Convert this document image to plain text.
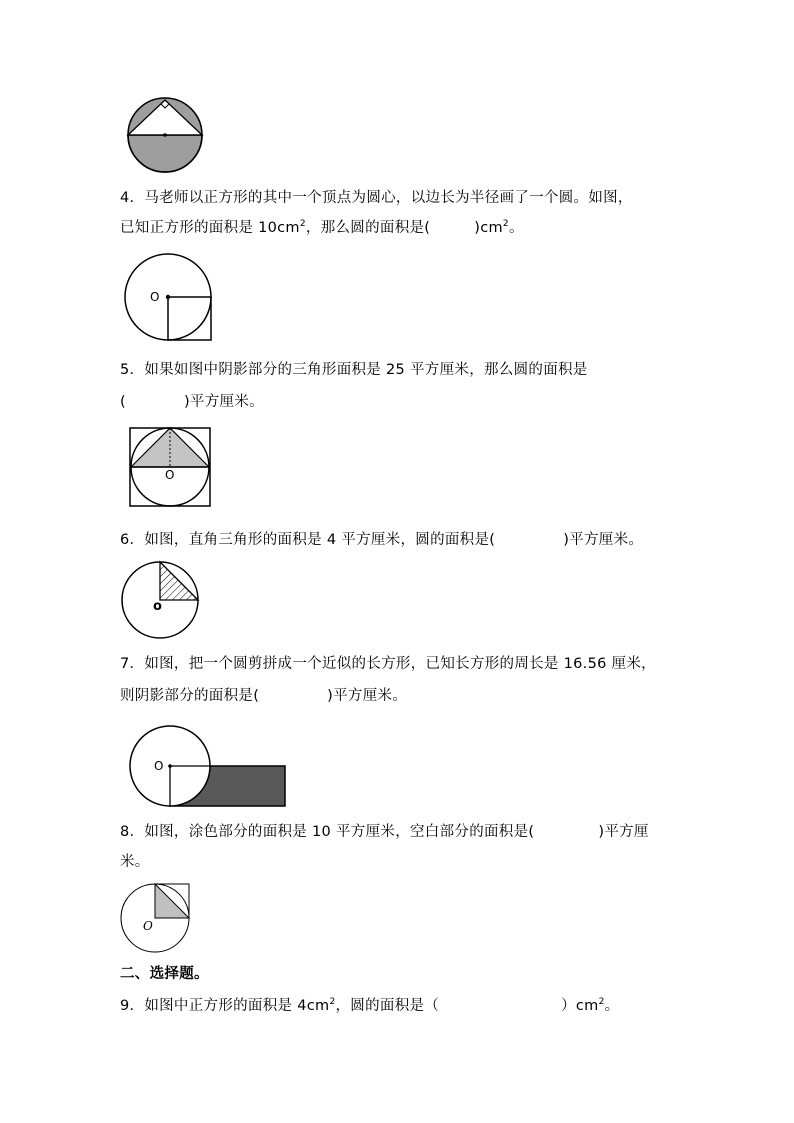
4．马老师以正方形的其中一个顶点为圆心，以边长为半径画了一个圆。如图，
已知正方形的面积是 $10cm^2$，那么圆的面积是(	)$cm^2$。
O
5．如果如图中阴影部分的三角形面积是 25 平方厘米，那么圆的面积是
(	)平方厘米。
O
6．如图，直角三角形的面积是 4 平方厘米，圆的面积是(	)平方厘米。
o
7．如图，把一个圆剪拼成一个近似的长方形，已知长方形的周长是 16.56 厘米，
则阴影部分的面积是(	)平方厘米。
O
8．如图，涂色部分的面积是 10 平方厘米，空白部分的面积是(	)平方厘
米。
O
二、选择题。
9．如图中正方形的面积是 $4cm^2$，圆的面积是（	）$cm^2$。
